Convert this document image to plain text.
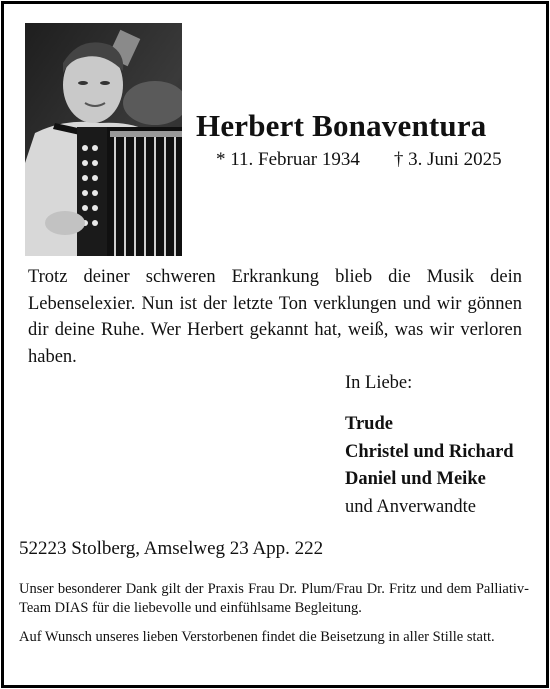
Herbert Bonaventura
* 11. Februar 1934 † 3. Juni 2025
Trotz deiner schweren Erkrankung blieb die Musik dein Lebenselexier. Nun ist der letzte Ton verklungen und wir gönnen dir deine Ruhe. Wer Herbert gekannt hat, weiß, was wir verloren haben.
In Liebe:
Trude
Christel und Richard
Daniel und Meike
und Anverwandte
52223 Stolberg, Amselweg 23 App. 222
Unser besonderer Dank gilt der Praxis Frau Dr. Plum/Frau Dr. Fritz und dem Palliativ-Team DIAS für die liebevolle und einfühlsame Begleitung.
Auf Wunsch unseres lieben Verstorbenen findet die Beisetzung in aller Stille statt.
